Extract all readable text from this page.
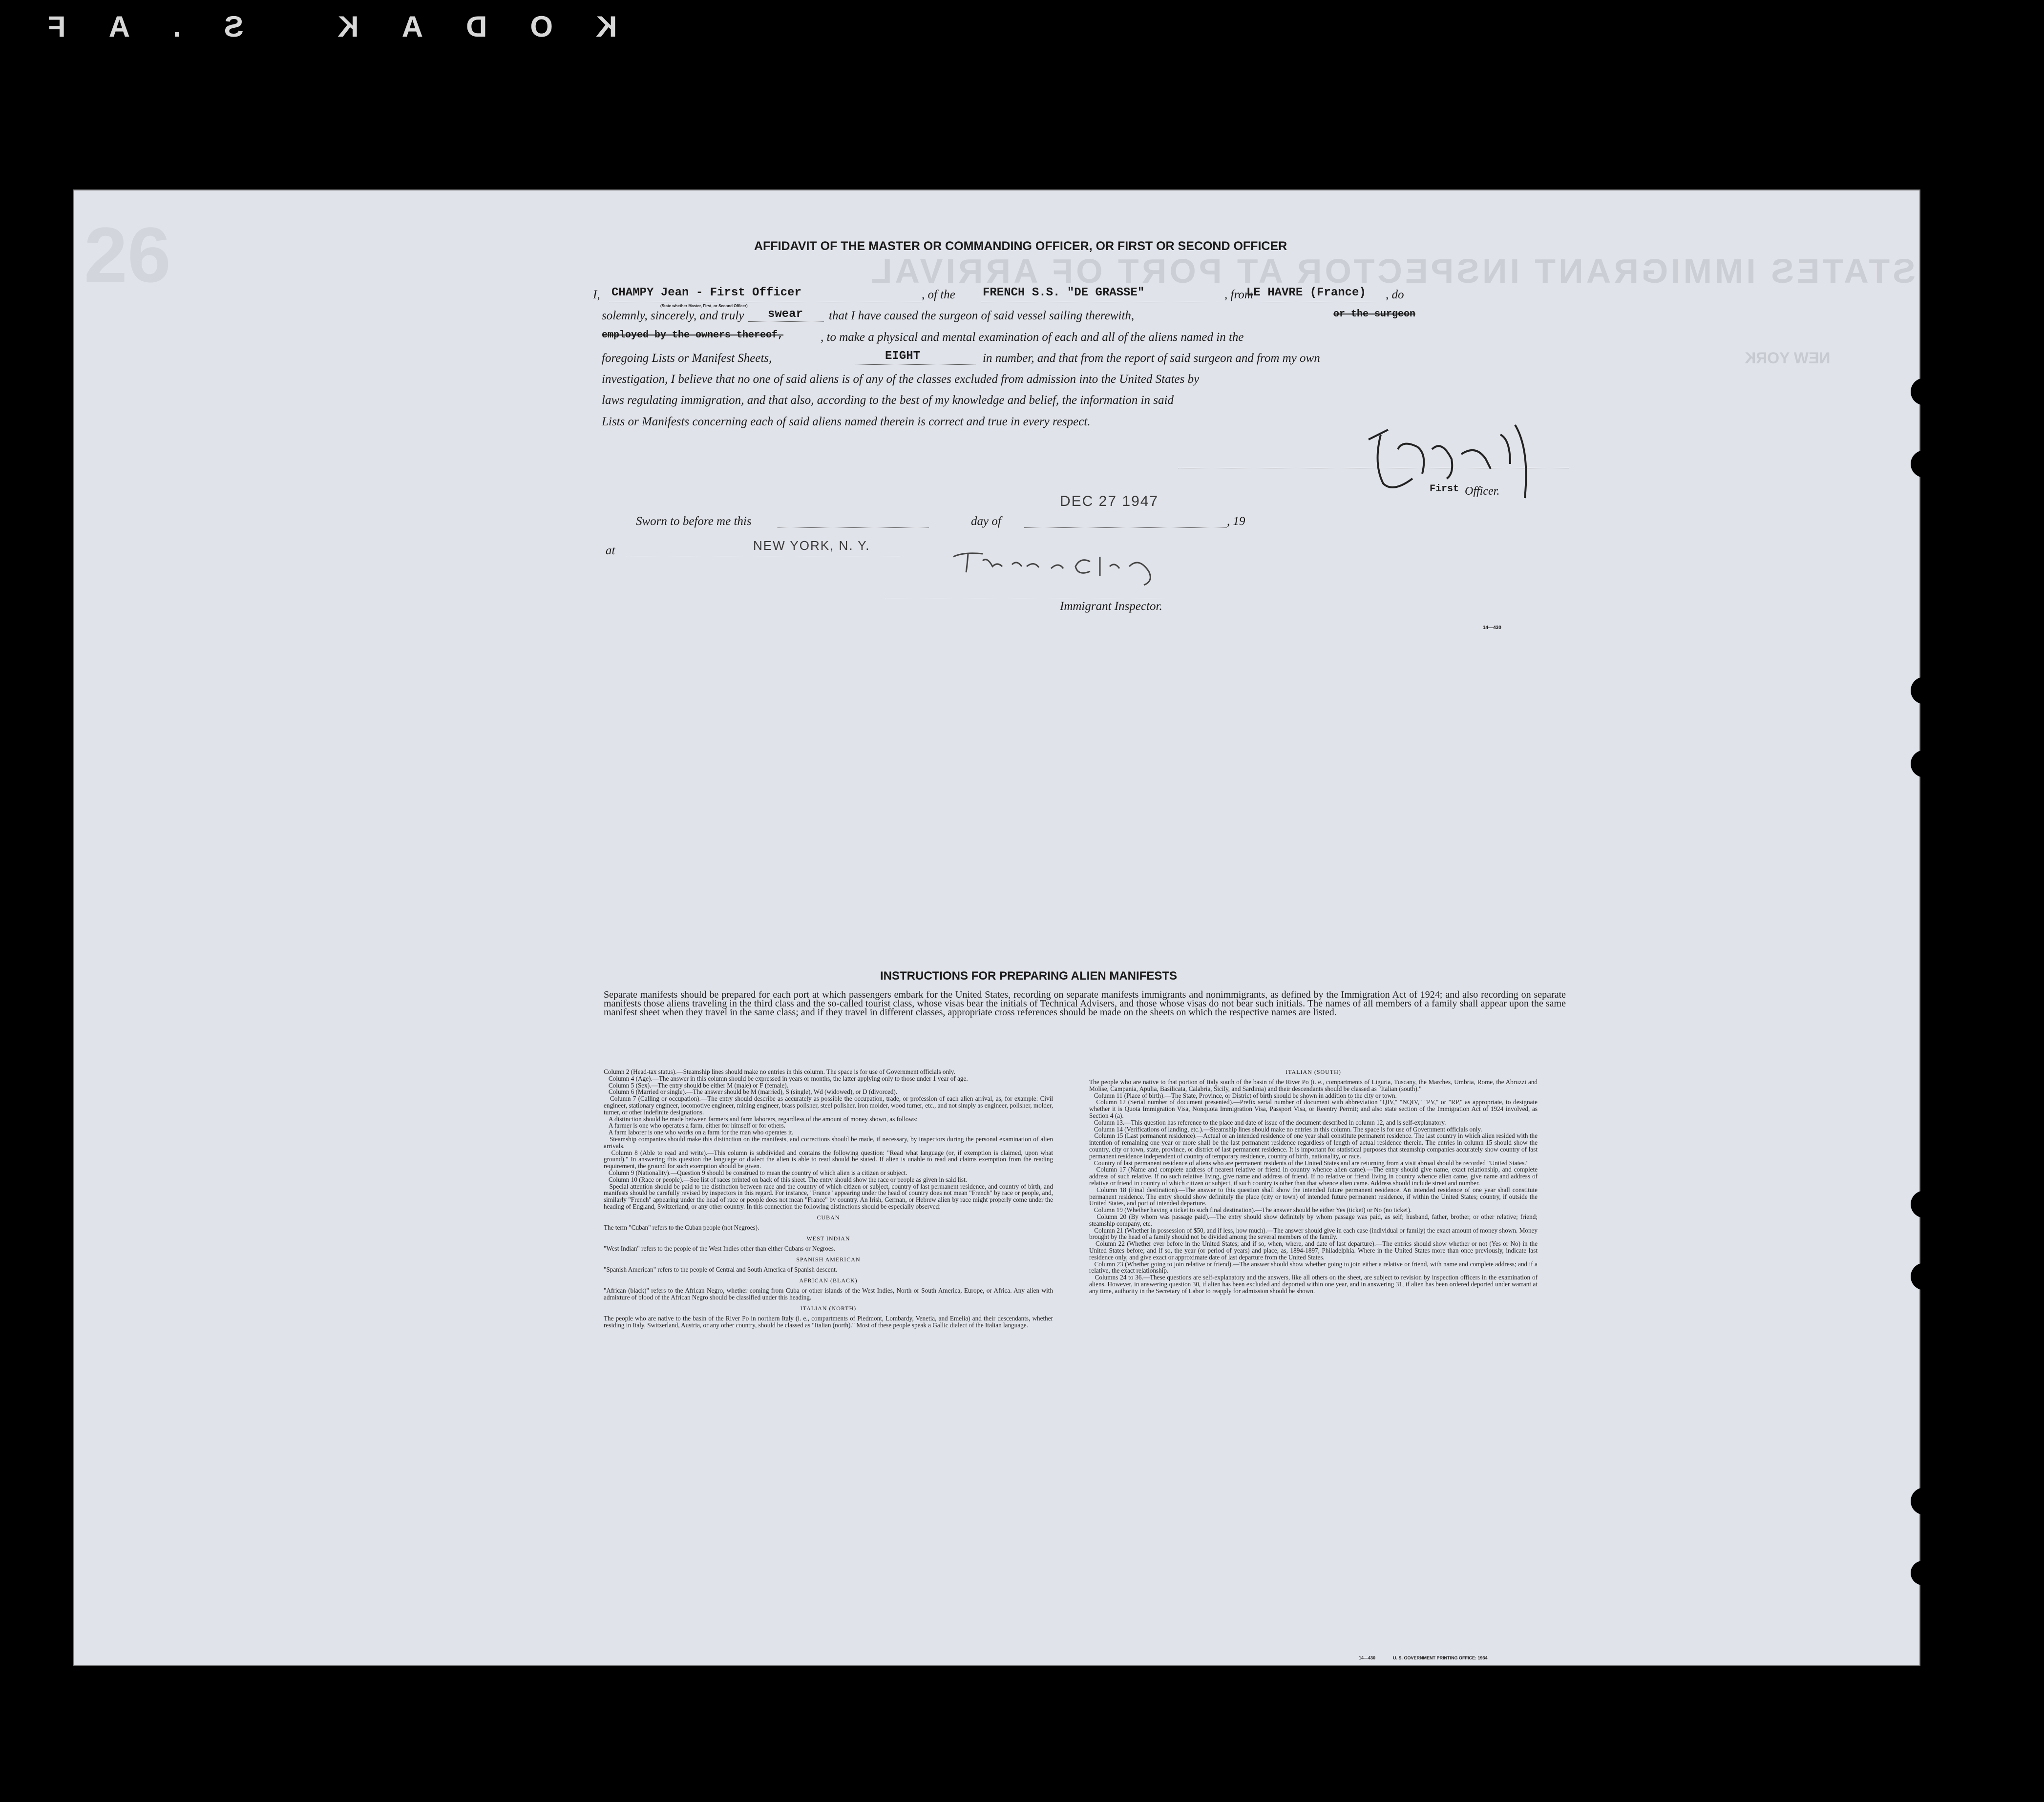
KODAK S.AF
26	STATES IMMIGRANT INSPECTOR AT PORT OF ARRIVAL
NEW YORK
AFFIDAVIT OF THE MASTER OR COMMANDING OFFICER, OR FIRST OR SECOND OFFICER
I, CHAMPY Jean - First Officer
(State whether Master, First, or Second Officer)
, of the FRENCH S.S. "DE GRASSE"	, from
LE HAVRE (France) , do
solemnly, sincerely, and truly swear that I have caused the surgeon of said vessel sailing therewith,	or the surgeon
employed by the owners thereof,	, to make a physical and mental examination of each and all of the aliens named in the
foregoing Lists or Manifest Sheets,	EIGHT	in number, and that from the report of said surgeon and from my own
investigation, I believe that no one of said aliens is of any of the classes excluded from admission into the United States by
laws regulating immigration, and that also, according to the best of my knowledge and belief, the information in said
Lists or Manifests concerning each of said aliens named therein is correct and true in every respect.
First Officer.
Sworn to before me this	day of
DEC 27 1947
, 19
at	NEW YORK, N. Y.
Immigrant Inspector.
14—430
INSTRUCTIONS FOR PREPARING ALIEN MANIFESTS
Separate manifests should be prepared for each port at which passengers embark for the United States, recording on separate manifests immigrants and nonimmigrants, as defined by the Immigration Act of 1924; and also recording on separate manifests those aliens traveling in the third class and the so-called tourist class, whose visas bear the initials of Technical Advisers, and those whose visas do not bear such initials. The names of all members of a family shall appear upon the same manifest sheet when they travel in the same class; and if they travel in different classes, appropriate cross references should be made on the sheets on which the respective names are listed.
Column 2 (Head-tax status).—Steamship lines should make no entries in this column. The space is for use of Government officials only.
Column 4 (Age).—The answer in this column should be expressed in years or months, the latter applying only to those under 1 year of age.
Column 5 (Sex).—The entry should be either M (male) or F (female).
Column 6 (Married or single).—The answer should be M (married), S (single), Wd (widowed), or D (divorced).
Column 7 (Calling or occupation).—The entry should describe as accurately as possible the occupation, trade, or profession of each alien arrival, as, for example: Civil engineer, stationary engineer, locomotive engineer, mining engineer, brass polisher, steel polisher, iron molder, wood turner, etc., and not simply as engineer, polisher, molder, turner, or other indefinite designations.
A distinction should be made between farmers and farm laborers, regardless of the amount of money shown, as follows:
A farmer is one who operates a farm, either for himself or for others.
A farm laborer is one who works on a farm for the man who operates it.
Steamship companies should make this distinction on the manifests, and corrections should be made, if necessary, by inspectors during the personal examination of alien arrivals.
Column 8 (Able to read and write).—This column is subdivided and contains the following question: "Read what language (or, if exemption is claimed, upon what ground)." In answering this question the language or dialect the alien is able to read should be stated. If alien is unable to read and claims exemption from the reading requirement, the ground for such exemption should be given.
Column 9 (Nationality).—Question 9 should be construed to mean the country of which alien is a citizen or subject.
Column 10 (Race or people).—See list of races printed on back of this sheet. The entry should show the race or people as given in said list.
Special attention should be paid to the distinction between race and the country of which citizen or subject, country of last permanent residence, and country of birth, and manifests should be carefully revised by inspectors in this regard. For instance, "France" appearing under the head of country does not mean "French" by race or people, and, similarly "French" appearing under the head of race or people does not mean "France" by country. An Irish, German, or Hebrew alien by race might properly come under the heading of England, Switzerland, or any other country. In this connection the following distinctions should be especially observed:
CUBAN
The term "Cuban" refers to the Cuban people (not Negroes).
WEST INDIAN
"West Indian" refers to the people of the West Indies other than either Cubans or Negroes.
SPANISH AMERICAN
"Spanish American" refers to the people of Central and South America of Spanish descent.
AFRICAN (BLACK)
"African (black)" refers to the African Negro, whether coming from Cuba or other islands of the West Indies, North or South America, Europe, or Africa. Any alien with admixture of blood of the African Negro should be classified under this heading.
ITALIAN (NORTH)
The people who are native to the basin of the River Po in northern Italy (i. e., compartments of Piedmont, Lombardy, Venetia, and Emelia) and their descendants, whether residing in Italy, Switzerland, Austria, or any other country, should be classed as "Italian (north)." Most of these people speak a Gallic dialect of the Italian language.
ITALIAN (SOUTH)
The people who are native to that portion of Italy south of the basin of the River Po (i. e., compartments of Liguria, Tuscany, the Marches, Umbria, Rome, the Abruzzi and Molise, Campania, Apulia, Basilicata, Calabria, Sicily, and Sardinia) and their descendants should be classed as "Italian (south)."
Column 11 (Place of birth).—The State, Province, or District of birth should be shown in addition to the city or town.
Column 12 (Serial number of document presented).—Prefix serial number of document with abbreviation "QIV," "NQIV," "PV," or "RP," as appropriate, to designate whether it is Quota Immigration Visa, Nonquota Immigration Visa, Passport Visa, or Reentry Permit; and also state section of the Immigration Act of 1924 involved, as Section 4 (a).
Column 13.—This question has reference to the place and date of issue of the document described in column 12, and is self-explanatory.
Column 14 (Verifications of landing, etc.).—Steamship lines should make no entries in this column. The space is for use of Government officials only.
Column 15 (Last permanent residence).—Actual or an intended residence of one year shall constitute permanent residence. The last country in which alien resided with the intention of remaining one year or more shall be the last permanent residence regardless of length of actual residence therein. The entries in column 15 should show the country, city or town, state, province, or district of last permanent residence. It is important for statistical purposes that steamship companies accurately show country of last permanent residence independent of country of temporary residence, country of birth, nationality, or race.
Country of last permanent residence of aliens who are permanent residents of the United States and are returning from a visit abroad should be recorded "United States."
Column 17 (Name and complete address of nearest relative or friend in country whence alien came).—The entry should give name, exact relationship, and complete address of such relative. If no such relative living, give name and address of friend. If no relative or friend living in country whence alien came, give name and address of relative or friend in country of which citizen or subject, if such country is other than that whence alien came. Address should include street and number.
Column 18 (Final destination).—The answer to this question shall show the intended future permanent residence. An intended residence of one year shall constitute permanent residence. The entry should show definitely the place (city or town) of intended future permanent residence, if within the United States; country, if outside the United States, and port of intended departure.
Column 19 (Whether having a ticket to such final destination).—The answer should be either Yes (ticket) or No (no ticket).
Column 20 (By whom was passage paid).—The entry should show definitely by whom passage was paid, as self; husband, father, brother, or other relative; friend; steamship company, etc.
Column 21 (Whether in possession of $50, and if less, how much).—The answer should give in each case (individual or family) the exact amount of money shown. Money brought by the head of a family should not be divided among the several members of the family.
Column 22 (Whether ever before in the United States; and if so, when, where, and date of last departure).—The entries should show whether or not (Yes or No) in the United States before; and if so, the year (or period of years) and place, as, 1894-1897, Philadelphia. Where in the United States more than once previously, indicate last residence only, and give exact or approximate date of last departure from the United States.
Column 23 (Whether going to join relative or friend).—The answer should show whether going to join either a relative or friend, with name and complete address; and if a relative, the exact relationship.
Columns 24 to 36.—These questions are self-explanatory and the answers, like all others on the sheet, are subject to revision by inspection officers in the examination of aliens. However, in answering question 30, if alien has been excluded and deported within one year, and in answering 31, if alien has been ordered deported under warrant at any time, authority in the Secretary of Labor to reapply for admission should be shown.
14—430	U. S. GOVERNMENT PRINTING OFFICE: 1934
